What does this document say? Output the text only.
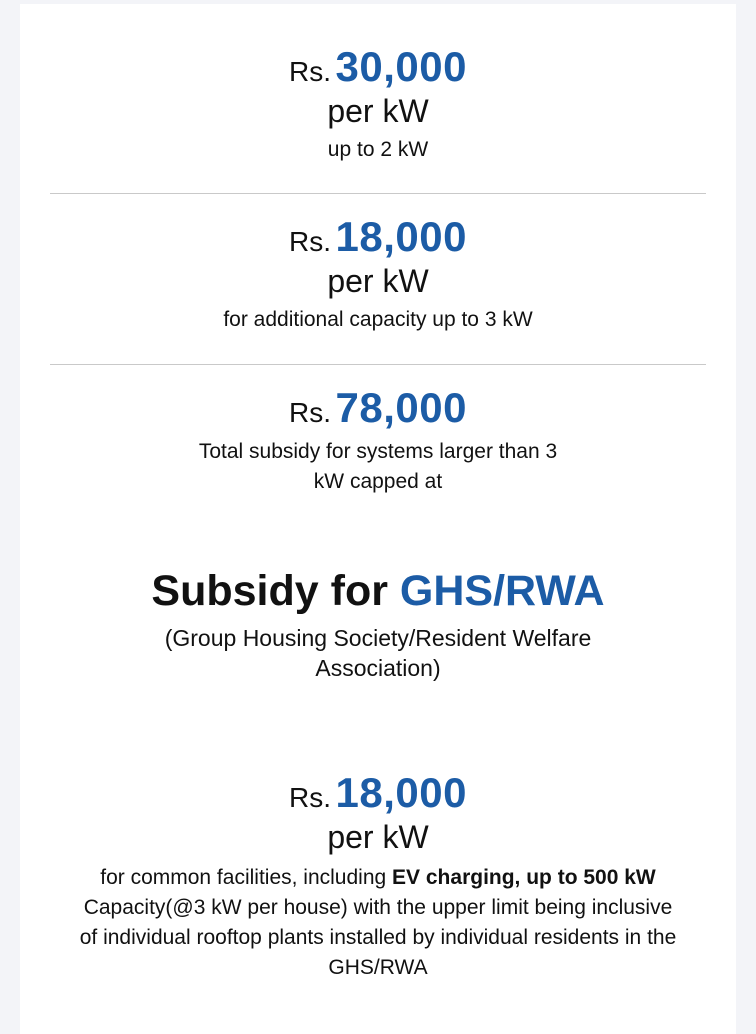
Rs. 30,000
per kW
up to 2 kW
Rs. 18,000
per kW
for additional capacity up to 3 kW
Rs. 78,000
Total subsidy for systems larger than 3
kW capped at
Subsidy for GHS/RWA
(Group Housing Society/Resident Welfare
Association)
Rs. 18,000
per kW
for common facilities, including EV charging, up to 500 kW Capacity(@3 kW per house) with the upper limit being inclusive of individual rooftop plants installed by individual residents in the GHS/RWA
